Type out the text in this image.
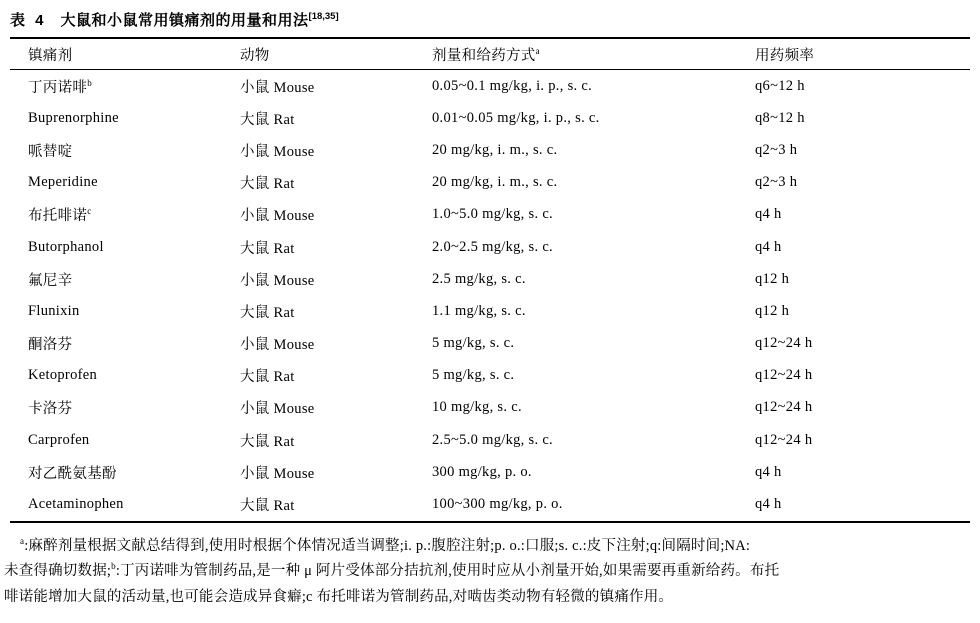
表 4 大鼠和小鼠常用镇痛剂的用量和用法[18,35]
镇痛剂	动物	剂量和给药方式$^a$	用药频率
丁丙诺啡$^b$	小鼠 Mouse	0.05~0.1 mg/kg, i. p., s. c.	q6~12 h
Buprenorphine	大鼠 Rat	0.01~0.05 mg/kg, i. p., s. c.	q8~12 h
哌替啶	小鼠 Mouse	20 mg/kg, i. m., s. c.	q2~3 h
Meperidine	大鼠 Rat	20 mg/kg, i. m., s. c.	q2~3 h
布托啡诺$^c$	小鼠 Mouse	1.0~5.0 mg/kg, s. c.	q4 h
Butorphanol	大鼠 Rat	2.0~2.5 mg/kg, s. c.	q4 h
氟尼辛	小鼠 Mouse	2.5 mg/kg, s. c.	q12 h
Flunixin	大鼠 Rat	1.1 mg/kg, s. c.	q12 h
酮洛芬	小鼠 Mouse	5 mg/kg, s. c.	q12~24 h
Ketoprofen	大鼠 Rat	5 mg/kg, s. c.	q12~24 h
卡洛芬	小鼠 Mouse	10 mg/kg, s. c.	q12~24 h
Carprofen	大鼠 Rat	2.5~5.0 mg/kg, s. c.	q12~24 h
对乙酰氨基酚	小鼠 Mouse	300 mg/kg, p. o.	q4 h
Acetaminophen	大鼠 Rat	100~300 mg/kg, p. o.	q4 h
$^a$:麻醉剂量根据文献总结得到,使用时根据个体情况适当调整;i. p.:腹腔注射;p. o.:口服;s. c.:皮下注射;q:间隔时间;NA:
未查得确切数据;$^b$:丁丙诺啡为管制药品,是一种 μ 阿片受体部分拮抗剂,使用时应从小剂量开始,如果需要再重新给药。布托
啡诺能增加大鼠的活动量,也可能会造成异食癖;c 布托啡诺为管制药品,对啮齿类动物有轻微的镇痛作用。
